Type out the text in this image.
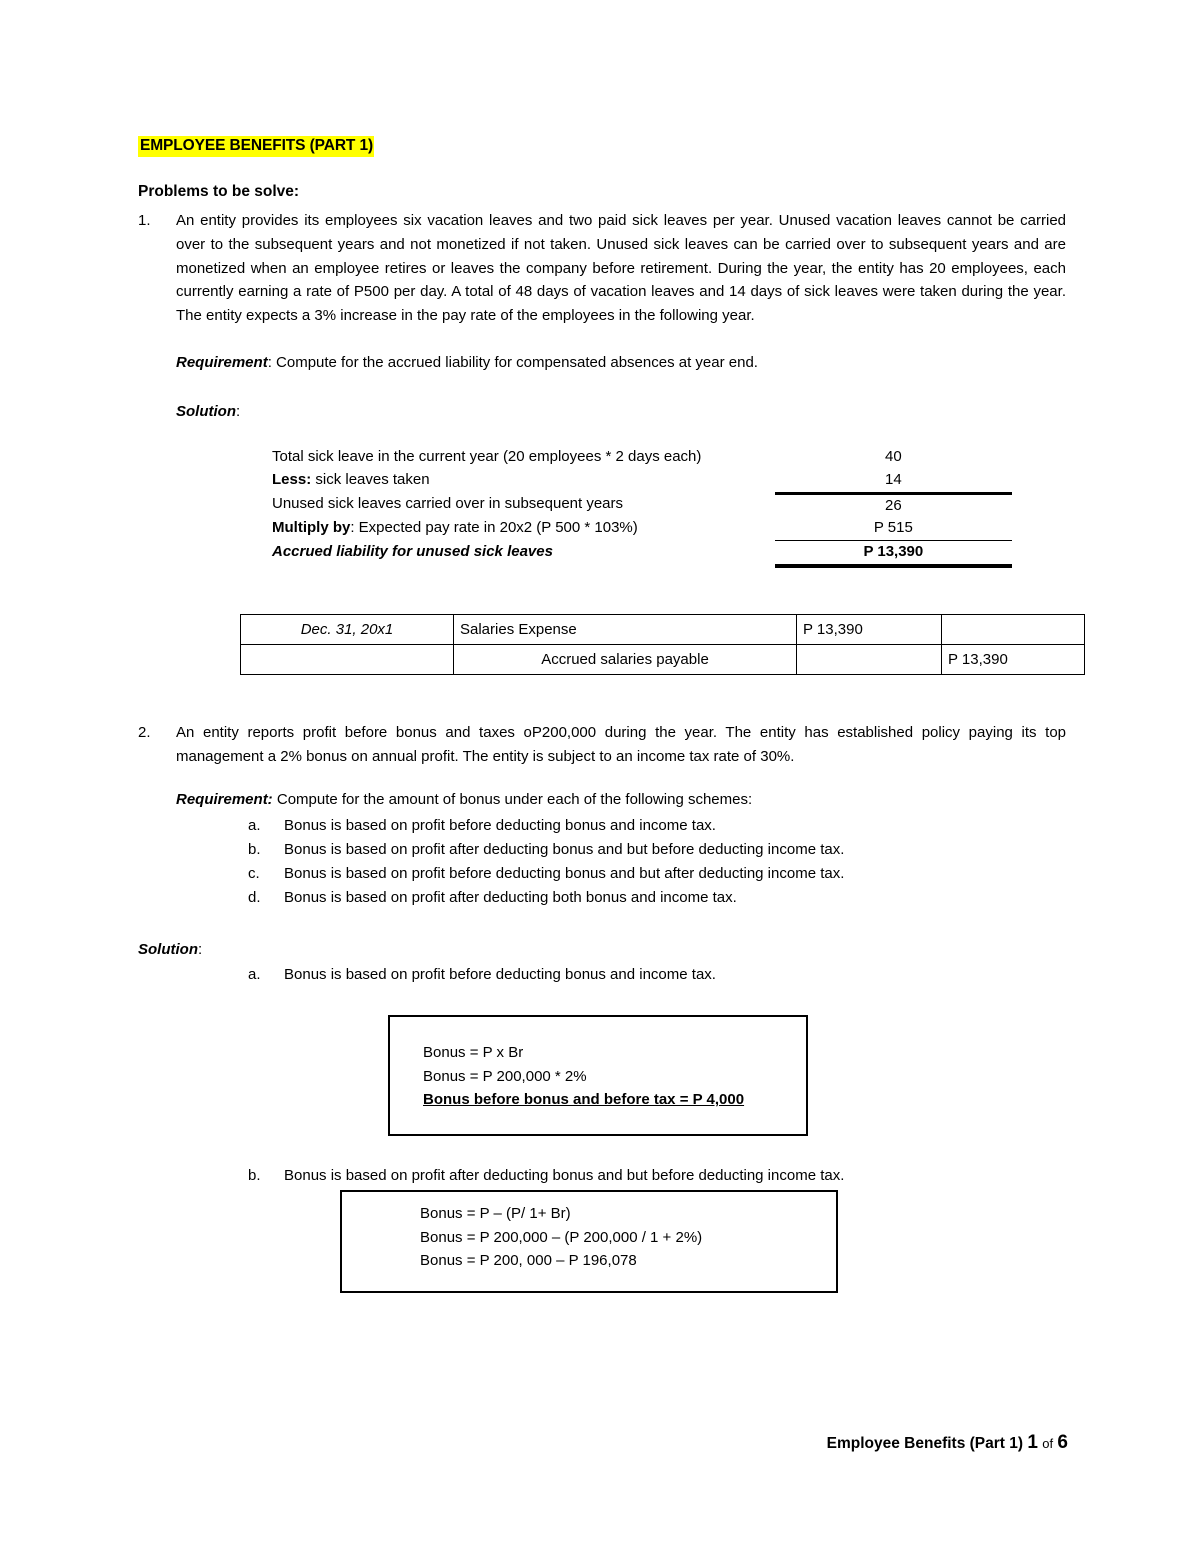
EMPLOYEE BENEFITS (PART 1)
Problems to be solve:
1.	An entity provides its employees six vacation leaves and two paid sick leaves per year. Unused vacation leaves cannot be carried over to the subsequent years and not monetized if not taken. Unused sick leaves can be carried over to subsequent years and are monetized when an employee retires or leaves the company before retirement. During the year, the entity has 20 employees, each currently earning a rate of P500 per day. A total of 48 days of vacation leaves and 14 days of sick leaves were taken during the year. The entity expects a 3% increase in the pay rate of the employees in the following year.
Requirement: Compute for the accrued liability for compensated absences at year end.
Solution:
Total sick leave in the current year (20 employees * 2 days each)	40
Less: sick leaves taken	14
Unused sick leaves carried over in subsequent years	26
Multiply by: Expected pay rate in 20x2 (P 500 * 103%)	P 515
Accrued liability for unused sick leaves	P 13,390
Dec. 31, 20x1	Salaries Expense	P 13,390	
	Accrued salaries payable		P 13,390
2.	An entity reports profit before bonus and taxes oP200,000 during the year. The entity has established policy paying its top management a 2% bonus on annual profit. The entity is subject to an income tax rate of 30%.
Requirement: Compute for the amount of bonus under each of the following schemes:
a.	Bonus is based on profit before deducting bonus and income tax.
b.	Bonus is based on profit after deducting bonus and but before deducting income tax.
c.	Bonus is based on profit before deducting bonus and but after deducting income tax.
d.	Bonus is based on profit after deducting both bonus and income tax.
Solution:
a.	Bonus is based on profit before deducting bonus and income tax.
Bonus = P x Br
Bonus = P 200,000 * 2%
Bonus before bonus and before tax = P 4,000
b.	Bonus is based on profit after deducting bonus and but before deducting income tax.
Bonus = P – (P/ 1+ Br)
Bonus = P 200,000 – (P 200,000 / 1 + 2%)
Bonus = P 200, 000 – P 196,078
Employee Benefits (Part 1) 1 of 6
